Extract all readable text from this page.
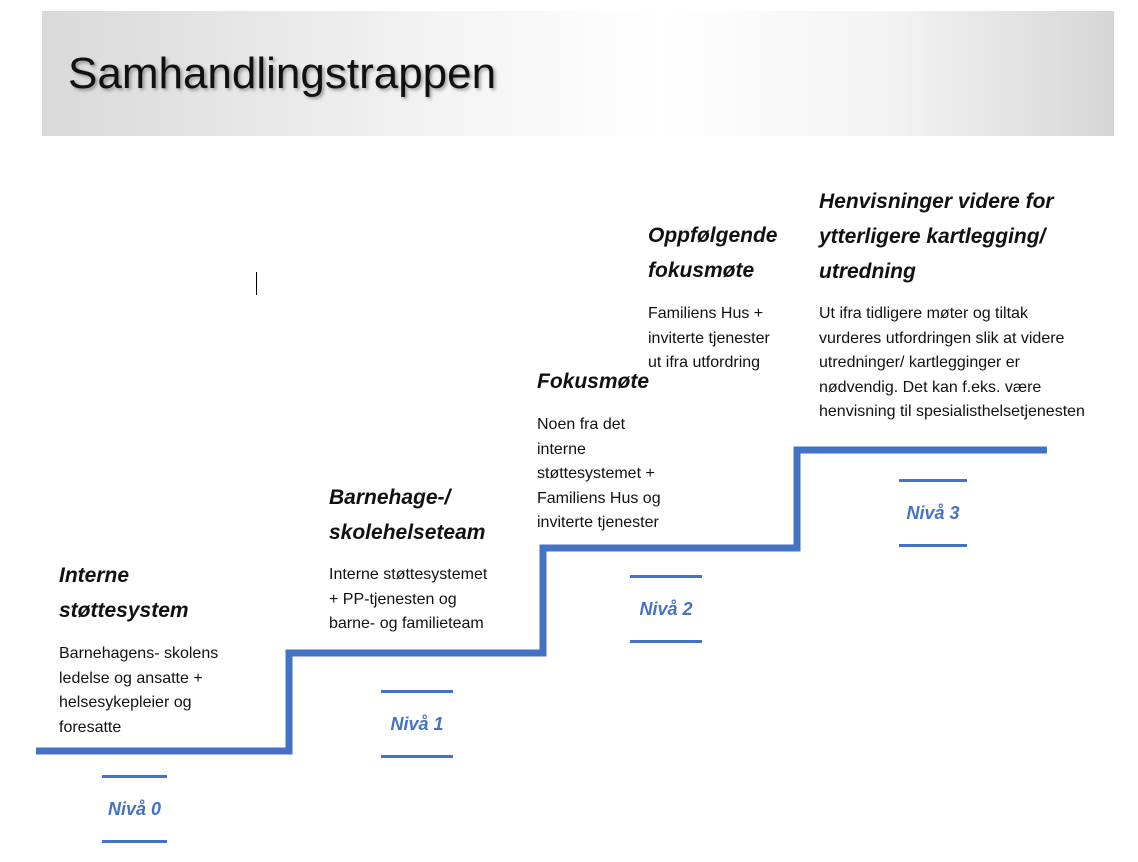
Samhandlingstrappen
Interne
støttesystem
Barnehagens- skolens
ledelse og ansatte +
helsesykepleier og
foresatte
Nivå 0
Barnehage-/
skolehelseteam
Interne støttesystemet
+ PP-tjenesten og
barne- og familieteam
Nivå 1
Fokusmøte
Noen fra det
interne
støttesystemet +
Familiens Hus og
inviterte tjenester
Nivå 2
Oppfølgende
fokusmøte
Familiens Hus +
inviterte tjenester
ut ifra utfordring
Henvisninger videre for
ytterligere kartlegging/
utredning
Ut ifra tidligere møter og tiltak
vurderes utfordringen slik at videre
utredninger/ kartlegginger er
nødvendig. Det kan f.eks. være
henvisning til spesialisthelsetjenesten
Nivå 3
